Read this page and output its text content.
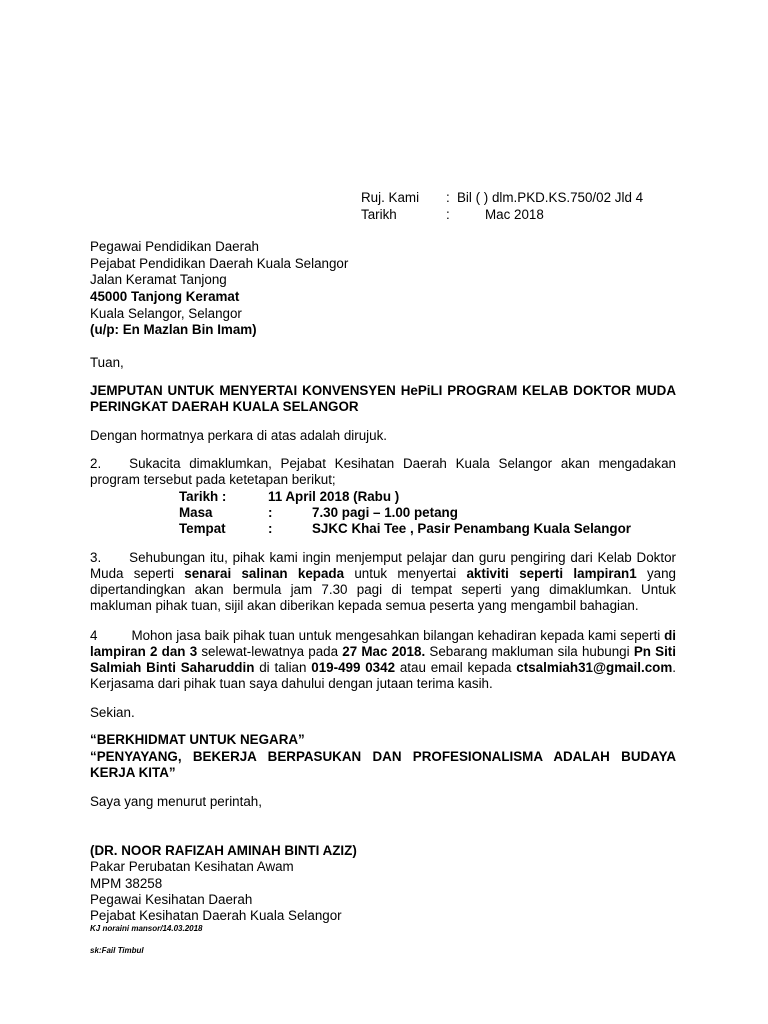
Ruj. Kami : Bil ( ) dlm.PKD.KS.750/02 Jld 4
Tarikh	:	Mac 2018
Pegawai Pendidikan Daerah
Pejabat Pendidikan Daerah Kuala Selangor
Jalan Keramat Tanjong
45000 Tanjong Keramat
Kuala Selangor, Selangor
(u/p: En Mazlan Bin Imam)
Tuan,
JEMPUTAN UNTUK MENYERTAI KONVENSYEN HePiLI PROGRAM KELAB DOKTOR MUDA PERINGKAT DAERAH KUALA SELANGOR
Dengan hormatnya perkara di atas adalah dirujuk.
2. Sukacita dimaklumkan, Pejabat Kesihatan Daerah Kuala Selangor akan mengadakan program tersebut pada ketetapan berikut;
Tarikh :	11 April 2018 (Rabu )
Masa	:	7.30 pagi – 1.00 petang
Tempat	:	SJKC Khai Tee , Pasir Penambang Kuala Selangor
3. Sehubungan itu, pihak kami ingin menjemput pelajar dan guru pengiring dari Kelab Doktor Muda seperti senarai salinan kepada untuk menyertai aktiviti seperti lampiran1 yang dipertandingkan akan bermula jam 7.30 pagi di tempat seperti yang dimaklumkan. Untuk makluman pihak tuan, sijil akan diberikan kepada semua peserta yang mengambil bahagian.
4	Mohon jasa baik pihak tuan untuk mengesahkan bilangan kehadiran kepada kami seperti di lampiran 2 dan 3 selewat-lewatnya pada 27 Mac 2018. Sebarang makluman sila hubungi Pn Siti Salmiah Binti Saharuddin di talian 019-499 0342 atau email kepada ctsalmiah31@gmail.com. Kerjasama dari pihak tuan saya dahului dengan jutaan terima kasih.
Sekian.
“BERKHIDMAT UNTUK NEGARA”
“PENYAYANG, BEKERJA BERPASUKAN DAN PROFESIONALISMA ADALAH BUDAYA KERJA KITA”
Saya yang menurut perintah,
(DR. NOOR RAFIZAH AMINAH BINTI AZIZ)
Pakar Perubatan Kesihatan Awam
MPM 38258
Pegawai Kesihatan Daerah
Pejabat Kesihatan Daerah Kuala Selangor
KJ noraini mansor/14.03.2018
sk:Fail Timbul
